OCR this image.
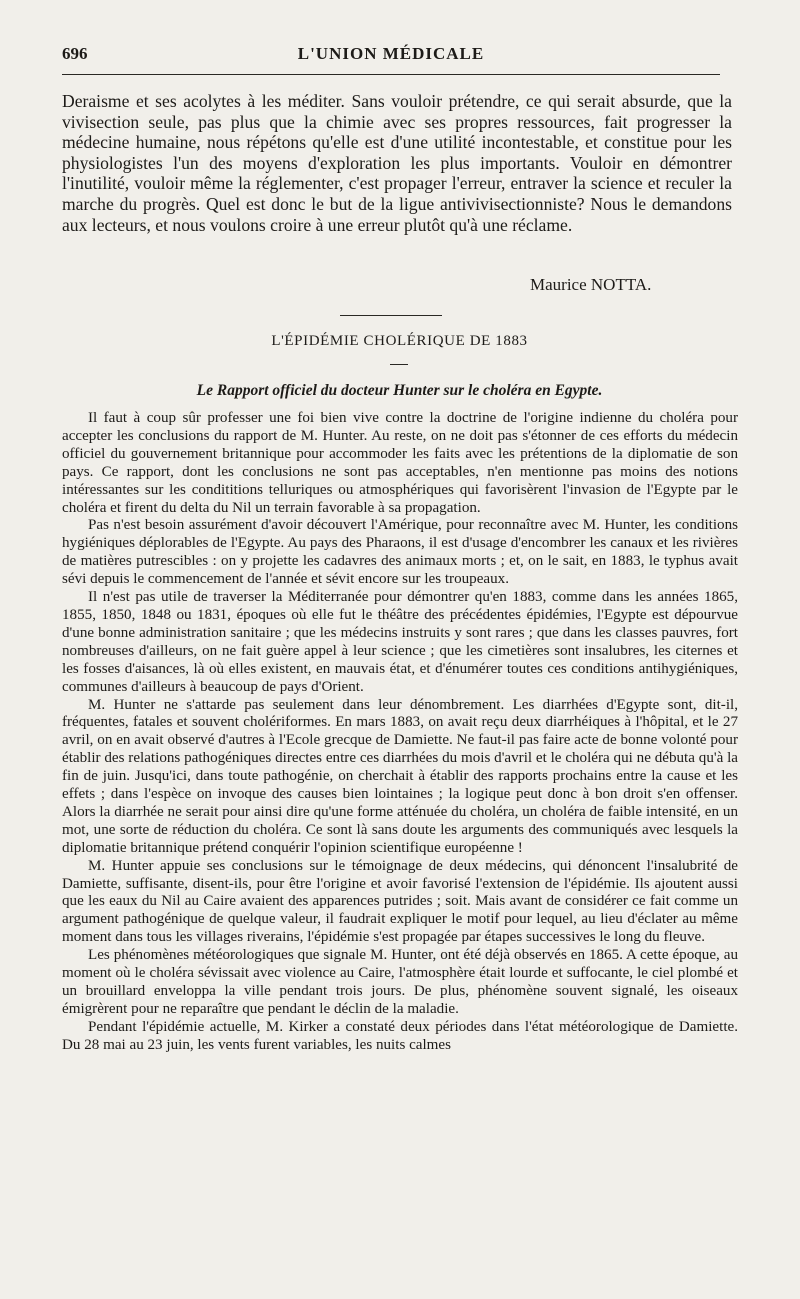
696	L'UNION MÉDICALE

Deraisme et ses acolytes à les méditer. Sans vouloir prétendre, ce qui serait absurde, que la vivisection seule, pas plus que la chimie avec ses propres ressources, fait progresser la médecine humaine, nous répétons qu'elle est d'une utilité incontestable, et constitue pour les physiologistes l'un des moyens d'exploration les plus importants. Vouloir en démontrer l'inutilité, vouloir même la réglementer, c'est propager l'erreur, entraver la science et reculer la marche du progrès. Quel est donc le but de la ligue antivivisectionniste? Nous le demandons aux lecteurs, et nous voulons croire à une erreur plutôt qu'à une réclame.

Maurice NOTTA.
L'ÉPIDÉMIE CHOLÉRIQUE DE 1883
Le Rapport officiel du docteur Hunter sur le choléra en Egypte.

Il faut à coup sûr professer une foi bien vive contre la doctrine de l'origine indienne du choléra pour accepter les conclusions du rapport de M. Hunter. Au reste, on ne doit pas s'étonner de ces efforts du médecin officiel du gouvernement britannique pour accommoder les faits avec les prétentions de la diplomatie de son pays. Ce rapport, dont les conclusions ne sont pas acceptables, n'en mentionne pas moins des notions intéressantes sur les condititions telluriques ou atmosphériques qui favorisèrent l'invasion de l'Egypte par le choléra et firent du delta du Nil un terrain favorable à sa propagation.

Pas n'est besoin assurément d'avoir découvert l'Amérique, pour reconnaître avec M. Hunter, les conditions hygiéniques déplorables de l'Egypte. Au pays des Pharaons, il est d'usage d'encombrer les canaux et les rivières de matières putrescibles : on y projette les cadavres des animaux morts ; et, on le sait, en 1883, le typhus avait sévi depuis le commencement de l'année et sévit encore sur les troupeaux.

Il n'est pas utile de traverser la Méditerranée pour démontrer qu'en 1883, comme dans les années 1865, 1855, 1850, 1848 ou 1831, époques où elle fut le théâtre des précédentes épidémies, l'Egypte est dépourvue d'une bonne administration sanitaire ; que les médecins instruits y sont rares ; que dans les classes pauvres, fort nombreuses d'ailleurs, on ne fait guère appel à leur science ; que les cimetières sont insalubres, les citernes et les fosses d'aisances, là où elles existent, en mauvais état, et d'énumérer toutes ces conditions antihygiéniques, communes d'ailleurs à beaucoup de pays d'Orient.

M. Hunter ne s'attarde pas seulement dans leur dénombrement. Les diarrhées d'Egypte sont, dit-il, fréquentes, fatales et souvent cholériformes. En mars 1883, on avait reçu deux diarrhéiques à l'hôpital, et le 27 avril, on en avait observé d'autres à l'Ecole grecque de Damiette. Ne faut-il pas faire acte de bonne volonté pour établir des relations pathogéniques directes entre ces diarrhées du mois d'avril et le choléra qui ne débuta qu'à la fin de juin. Jusqu'ici, dans toute pathogénie, on cherchait à établir des rapports prochains entre la cause et les effets ; dans l'espèce on invoque des causes bien lointaines ; la logique peut donc à bon droit s'en offenser. Alors la diarrhée ne serait pour ainsi dire qu'une forme atténuée du choléra, un choléra de faible intensité, en un mot, une sorte de réduction du choléra. Ce sont là sans doute les arguments des communiqués avec lesquels la diplomatie britannique prétend conquérir l'opinion scientifique européenne !

M. Hunter appuie ses conclusions sur le témoignage de deux médecins, qui dénoncent l'insalubrité de Damiette, suffisante, disent-ils, pour être l'origine et avoir favorisé l'extension de l'épidémie. Ils ajoutent aussi que les eaux du Nil au Caire avaient des apparences putrides ; soit. Mais avant de considérer ce fait comme un argument pathogénique de quelque valeur, il faudrait expliquer le motif pour lequel, au lieu d'éclater au même moment dans tous les villages riverains, l'épidémie s'est propagée par étapes successives le long du fleuve.

Les phénomènes météorologiques que signale M. Hunter, ont été déjà observés en 1865. A cette époque, au moment où le choléra sévissait avec violence au Caire, l'atmosphère était lourde et suffocante, le ciel plombé et un brouillard enveloppa la ville pendant trois jours. De plus, phénomène souvent signalé, les oiseaux émigrèrent pour ne reparaître que pendant le déclin de la maladie.

Pendant l'épidémie actuelle, M. Kirker a constaté deux périodes dans l'état météorologique de Damiette. Du 28 mai au 23 juin, les vents furent variables, les nuits calmes
